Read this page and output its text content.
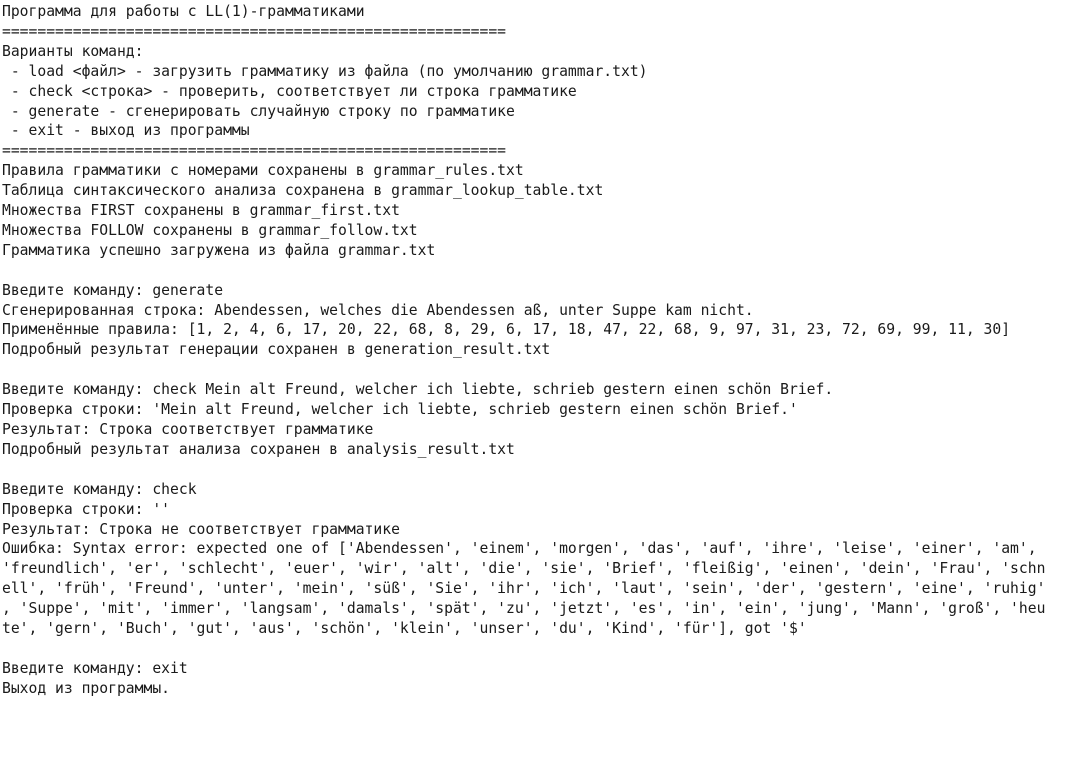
Программа для работы с LL(1)-грамматиками
=========================================================
Варианты команд:
- load <файл> - загрузить грамматику из файла (по умолчанию grammar.txt)
- check <строка> - проверить, соответствует ли строка грамматике
- generate - сгенерировать случайную строку по грамматике
- exit - выход из программы
=========================================================
Правила грамматики с номерами сохранены в grammar_rules.txt
Таблица синтаксического анализа сохранена в grammar_lookup_table.txt
Множества FIRST сохранены в grammar_first.txt
Множества FOLLOW сохранены в grammar_follow.txt
Грамматика успешно загружена из файла grammar.txt
Введите команду: generate
Сгенерированная строка: Abendessen, welches die Abendessen aß, unter Suppe kam nicht.
Применённые правила: [1, 2, 4, 6, 17, 20, 22, 68, 8, 29, 6, 17, 18, 47, 22, 68, 9, 97, 31, 23, 72, 69, 99, 11, 30]
Подробный результат генерации сохранен в generation_result.txt
Введите команду: check Mein alt Freund, welcher ich liebte, schrieb gestern einen schön Brief.
Проверка строки: 'Mein alt Freund, welcher ich liebte, schrieb gestern einen schön Brief.'
Результат: Строка соответствует грамматике
Подробный результат анализа сохранен в analysis_result.txt
Введите команду: check
Проверка строки: ''
Результат: Строка не соответствует грамматике
Ошибка: Syntax error: expected one of ['Abendessen', 'einem', 'morgen', 'das', 'auf', 'ihre', 'leise', 'einer', 'am',
'freundlich', 'er', 'schlecht', 'euer', 'wir', 'alt', 'die', 'sie', 'Brief', 'fleißig', 'einen', 'dein', 'Frau', 'schn
ell', 'früh', 'Freund', 'unter', 'mein', 'süß', 'Sie', 'ihr', 'ich', 'laut', 'sein', 'der', 'gestern', 'eine', 'ruhig'
, 'Suppe', 'mit', 'immer', 'langsam', 'damals', 'spät', 'zu', 'jetzt', 'es', 'in', 'ein', 'jung', 'Mann', 'groß', 'heu
te', 'gern', 'Buch', 'gut', 'aus', 'schön', 'klein', 'unser', 'du', 'Kind', 'für'], got '$'
Введите команду: exit
Выход из программы.
